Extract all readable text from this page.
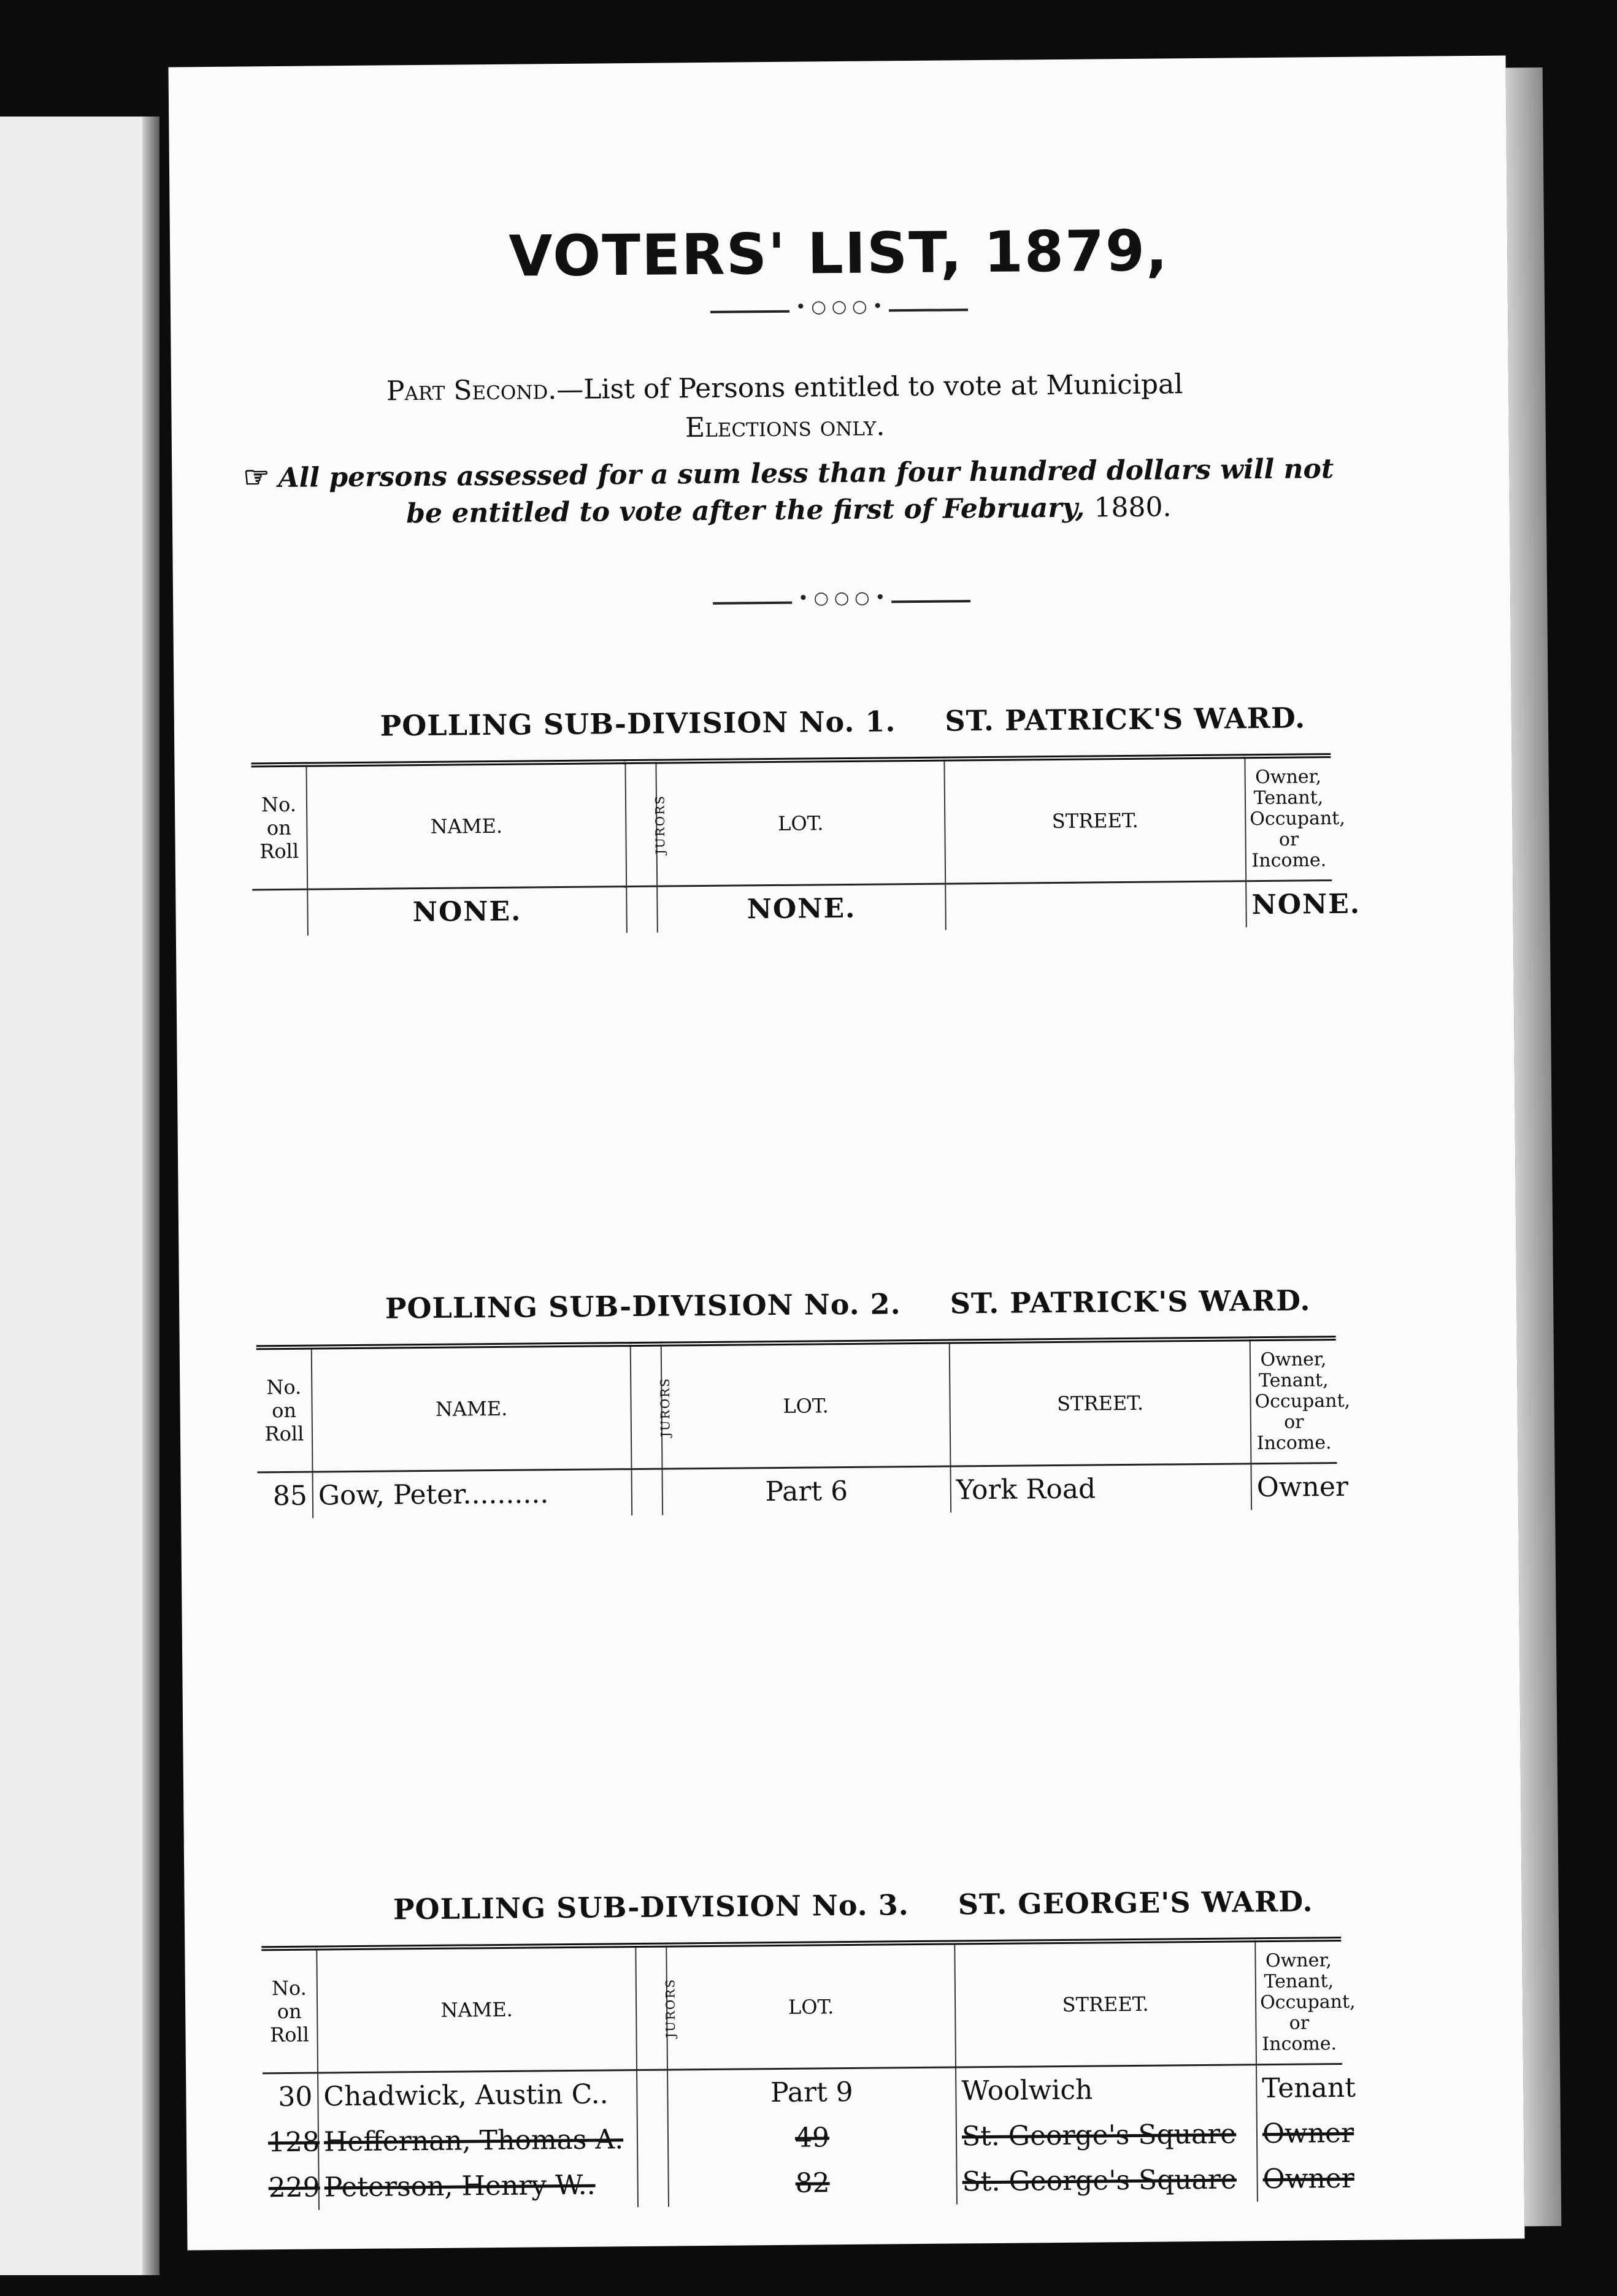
VOTERS' LIST, 1879,
• ○ ○ ○ •
Part Second.—List of Persons entitled to vote at Municipal
Elections only.
☞ All persons assessed for a sum less than four hundred dollars will not be entitled to vote after the first of February, 1880.
• ○ ○ ○ •
POLLING SUB-DIVISION No. 1. ST. PATRICK'S WARD.
No. on Roll	NAME.	JURORS	LOT.	STREET.	Owner, Tenant, Occupant, or Income.
	NONE.		NONE.		NONE.
POLLING SUB-DIVISION No. 2. ST. PATRICK'S WARD.
No. on Roll	NAME.	JURORS	LOT.	STREET.	Owner, Tenant, Occupant, or Income.
85	Gow, Peter..........		Part 6	York Road	Owner
POLLING SUB-DIVISION No. 3. ST. GEORGE'S WARD.
No. on Roll	NAME.	JURORS	LOT.	STREET.	Owner, Tenant, Occupant, or Income.
30	Chadwick, Austin C..		Part 9	Woolwich	Tenant
128	Heffernan, Thomas A.		49	St. George's Square	Owner
229	Peterson, Henry W..		82	St. George's Square	Owner
